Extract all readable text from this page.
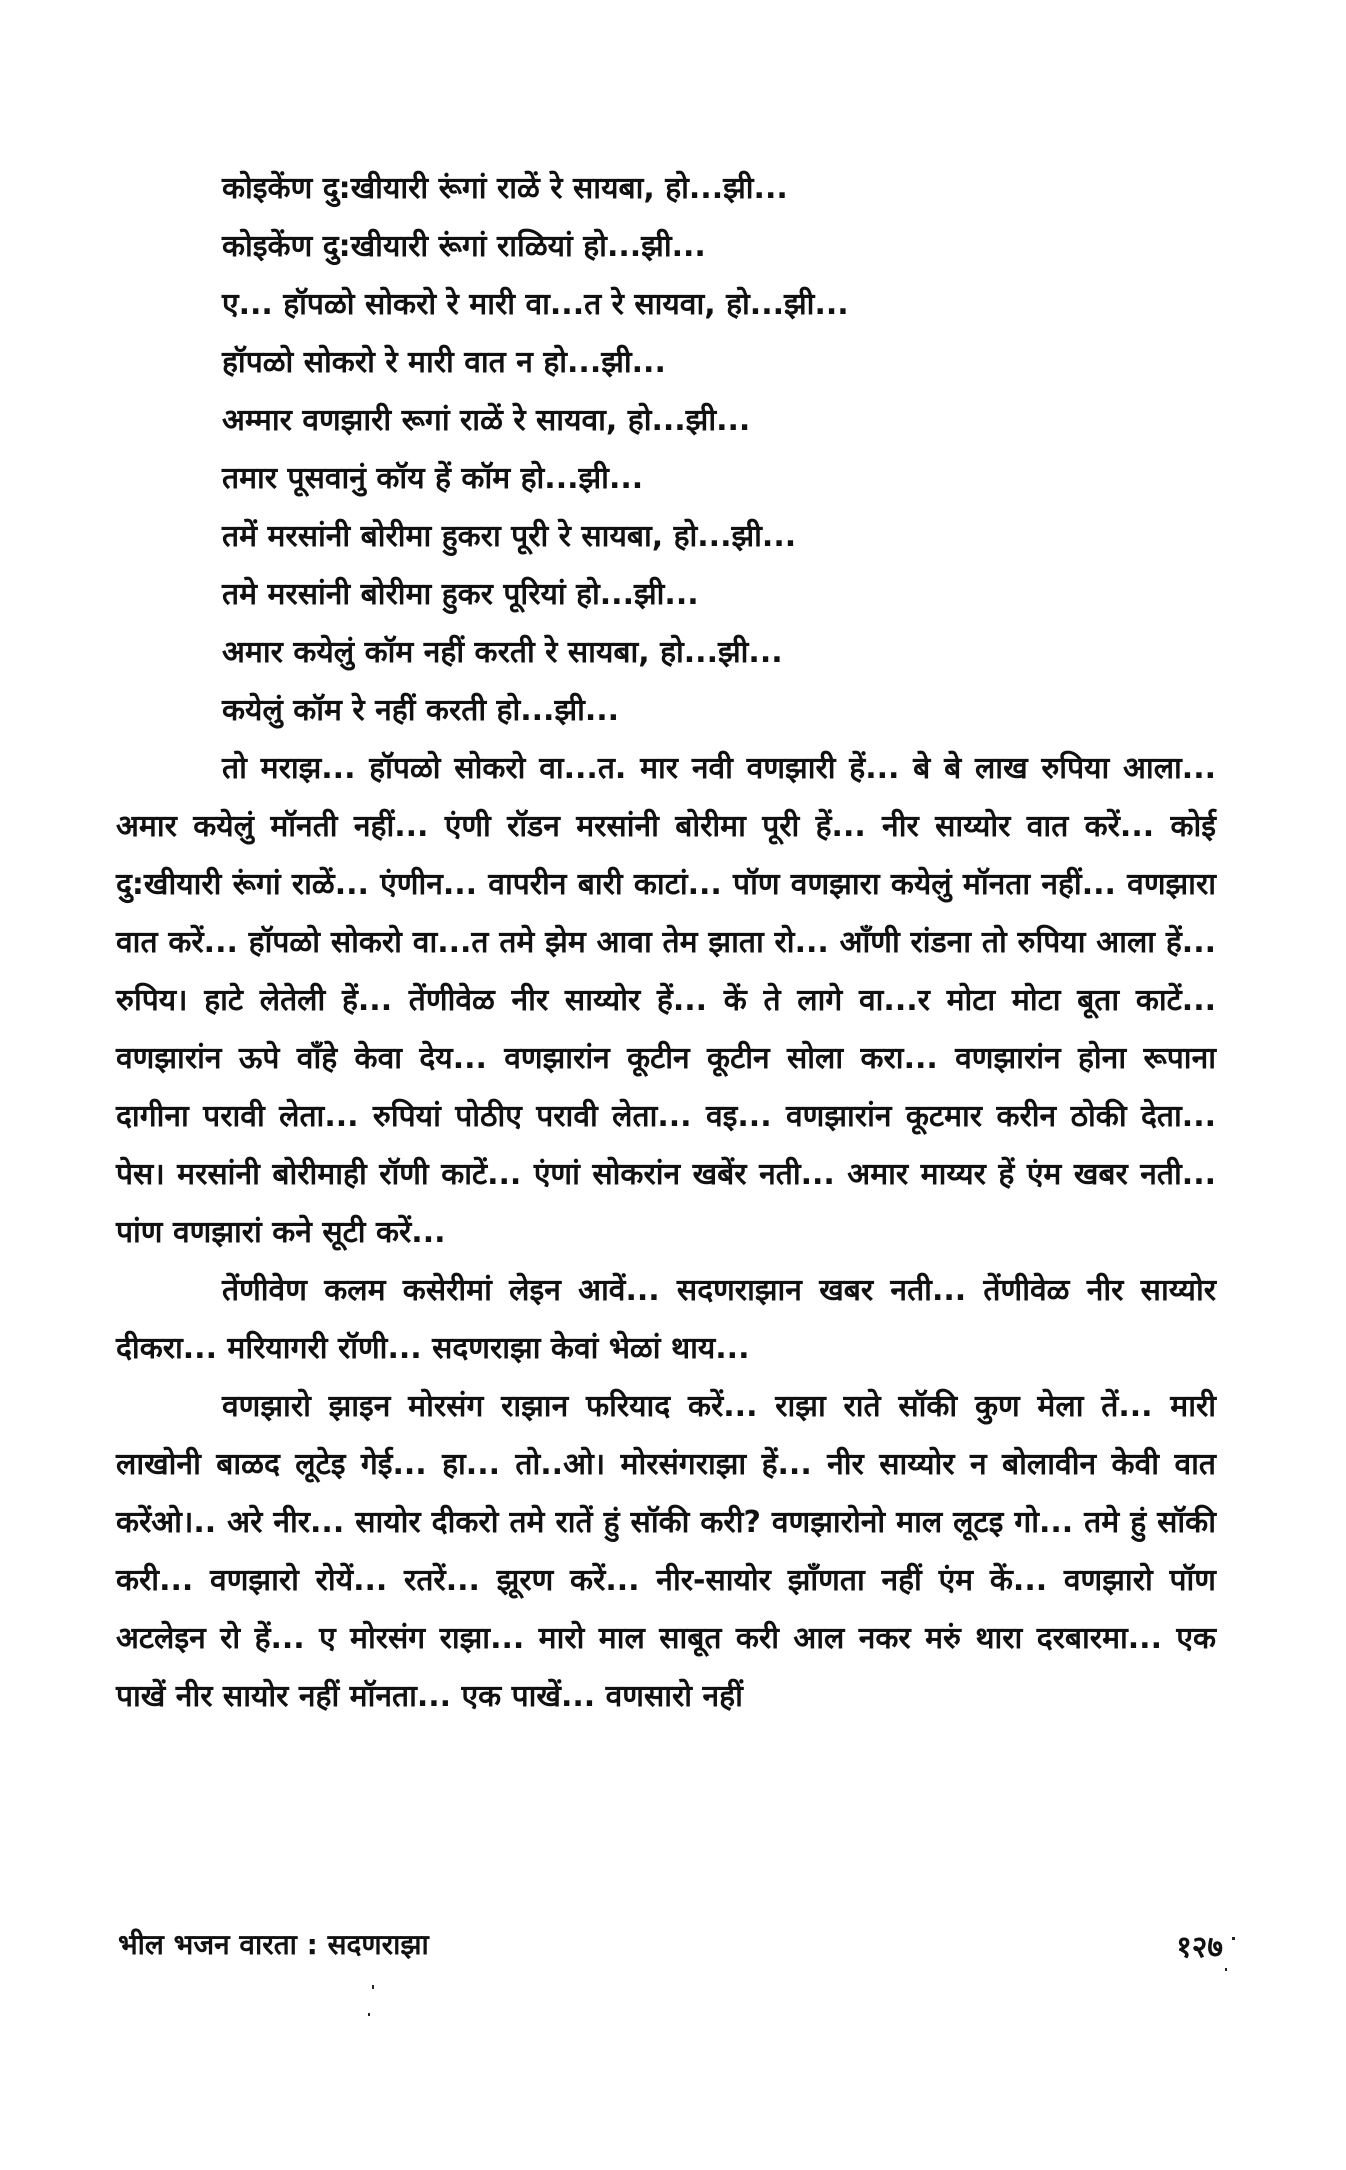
कोइकेंण दु:खीयारी रूंगां राळें रे सायबा, हो...झी...
कोइकेंण दु:खीयारी रूंगां राळियां हो...झी...
ए... हॉपळो सोकरो रे मारी वा...त रे सायवा, हो...झी...
हॉपळो सोकरो रे मारी वात न हो...झी...
अम्मार वणझारी रूगां राळें रे सायवा, हो...झी...
तमार पूसवानुं कॉय हें कॉम हो...झी...
तमें मरसांनी बोरीमा हुकरा पूरी रे सायबा, हो...झी...
तमे मरसांनी बोरीमा हुकर पूरियां हो...झी...
अमार कयेलुं कॉम नहीं करती रे सायबा, हो...झी...
कयेलुं कॉम रे नहीं करती हो...झी...

तो मराझ... हॉपळो सोकरो वा...त. मार नवी वणझारी हें... बे बे लाख रुपिया आला... अमार कयेलुं मॉनती नहीं... एंणी रॉडन मरसांनी बोरीमा पूरी हें... नीर साय्योर वात करें... कोई दु:खीयारी रूंगां राळें... एंणीन... वापरीन बारी काटां... पॉण वणझारा कयेलुं मॉनता नहीं... वणझारा वात करें... हॉपळो सोकरो वा...त तमे झेम आवा तेम झाता रो... आँणी रांडना तो रुपिया आला हें... रुपिय। हाटे लेतेली हें... तेंणीवेळ नीर साय्योर हें... कें ते लागे वा...र मोटा मोटा बूता काटें... वणझारांन ऊपे वाँहे केवा देय... वणझारांन कूटीन कूटीन सोला करा... वणझारांन होना रूपाना दागीना परावी लेता... रुपियां पोठीए परावी लेता... वइ... वणझारांन कूटमार करीन ठोकी देता... पेस। मरसांनी बोरीमाही रॉणी काटें... एंणां सोकरांन खबेंर नती... अमार माय्यर हें एंम खबर नती... पांण वणझारां कने सूटी करें...

तेंणीवेण कलम कसेरीमां लेइन आवें... सदणराझान खबर नती... तेंणीवेळ नीर साय्योर दीकरा... मरियागरी रॉणी... सदणराझा केवां भेळां थाय...

वणझारो झाइन मोरसंग राझान फरियाद करें... राझा राते सॉकी कुण मेला तें... मारी लाखोनी बाळद लूटेइ गेई... हा... तो..ओ। मोरसंगराझा हें... नीर साय्योर न बोलावीन केवी वात करेंओ।.. अरे नीर... सायोर दीकरो तमे रातें हुं सॉकी करी? वणझारोनो माल लूटइ गो... तमे हुं सॉकी करी... वणझारो रोयें... रतरें... झूरण करें... नीर-सायोर झाँणता नहीं एंम कें... वणझारो पॉण अटलेइन रो हें... ए मोरसंग राझा... मारो माल साबूत करी आल नकर मरुं थारा दरबारमा... एक पाखें नीर सायोर नहीं मॉनता... एक पाखें... वणसारो नहीं

भील भजन वारता : सदणराझा	१२७
